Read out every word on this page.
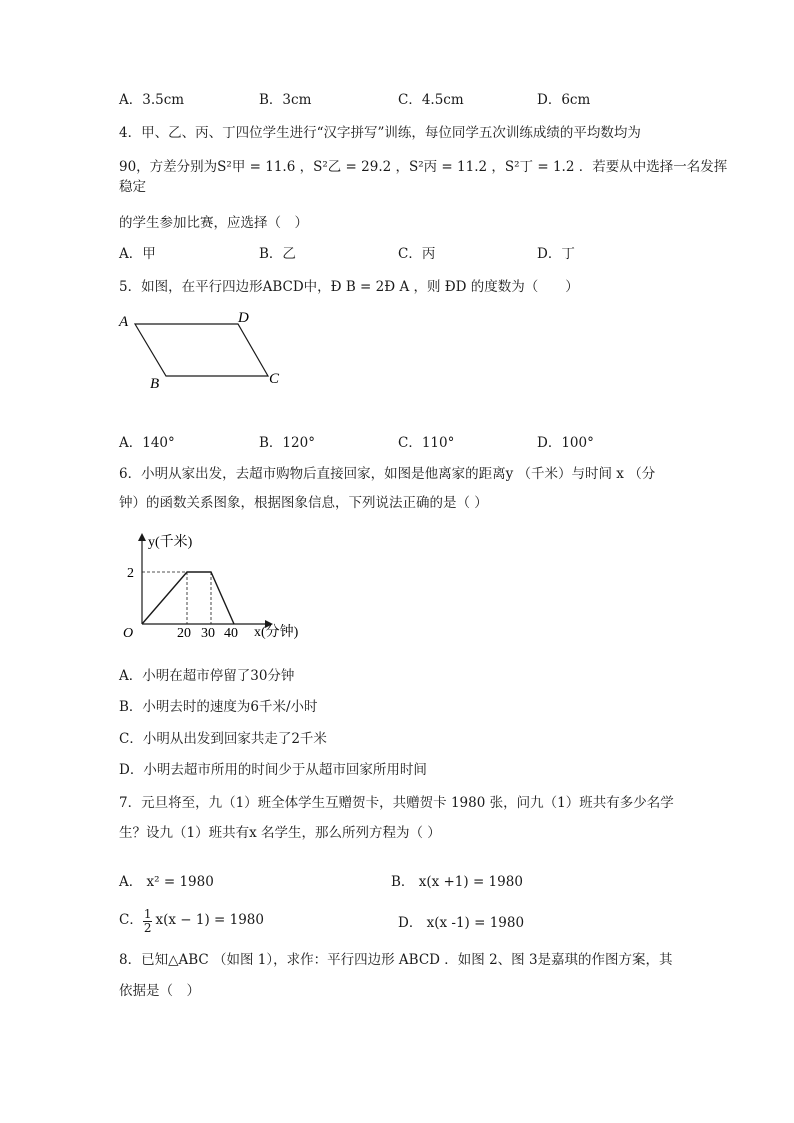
A．3.5cm	B．3cm	C．4.5cm	D．6cm
4．甲、乙、丙、丁四位学生进行“汉字拼写”训练，每位同学五次训练成绩的平均数均为
90，方差分别为S²甲 = 11.6 ，S²乙 = 29.2 ，S²丙 = 11.2 ，S²丁 = 1.2 ．若要从中选择一名发挥
稳定
的学生参加比赛，应选择（　）
A．甲	B．乙	C．丙	D．丁
5．如图，在平行四边形ABCD中，Ð B = 2Ð A ，则 ÐD 的度数为（　　）
A	D
B	C
A．140°	B．120°	C．110°	D．100°
6．小明从家出发，去超市购物后直接回家，如图是他离家的距离y （千米）与时间 x （分
钟）的函数关系图象，根据图象信息，下列说法正确的是（ ）
y(千米)
2
O	20 30 40 x(分钟)
A．小明在超市停留了30分钟
B．小明去时的速度为6千米/小时
C．小明从出发到回家共走了2千米
D．小明去超市所用的时间少于从超市回家所用时间
7．元旦将至，九（1）班全体学生互赠贺卡，共赠贺卡 1980 张，问九（1）班共有多少名学
生？设九（1）班共有x 名学生，那么所列方程为（ ）
A． x² = 1980	B． x(x +1) = 1980
C． $\frac{1}{2} x(x - 1) = 1980$	D． x(x -1) = 1980
8．已知△ABC （如图 1），求作：平行四边形 ABCD ．如图 2、图 3是嘉琪的作图方案，其
依据是（　）
